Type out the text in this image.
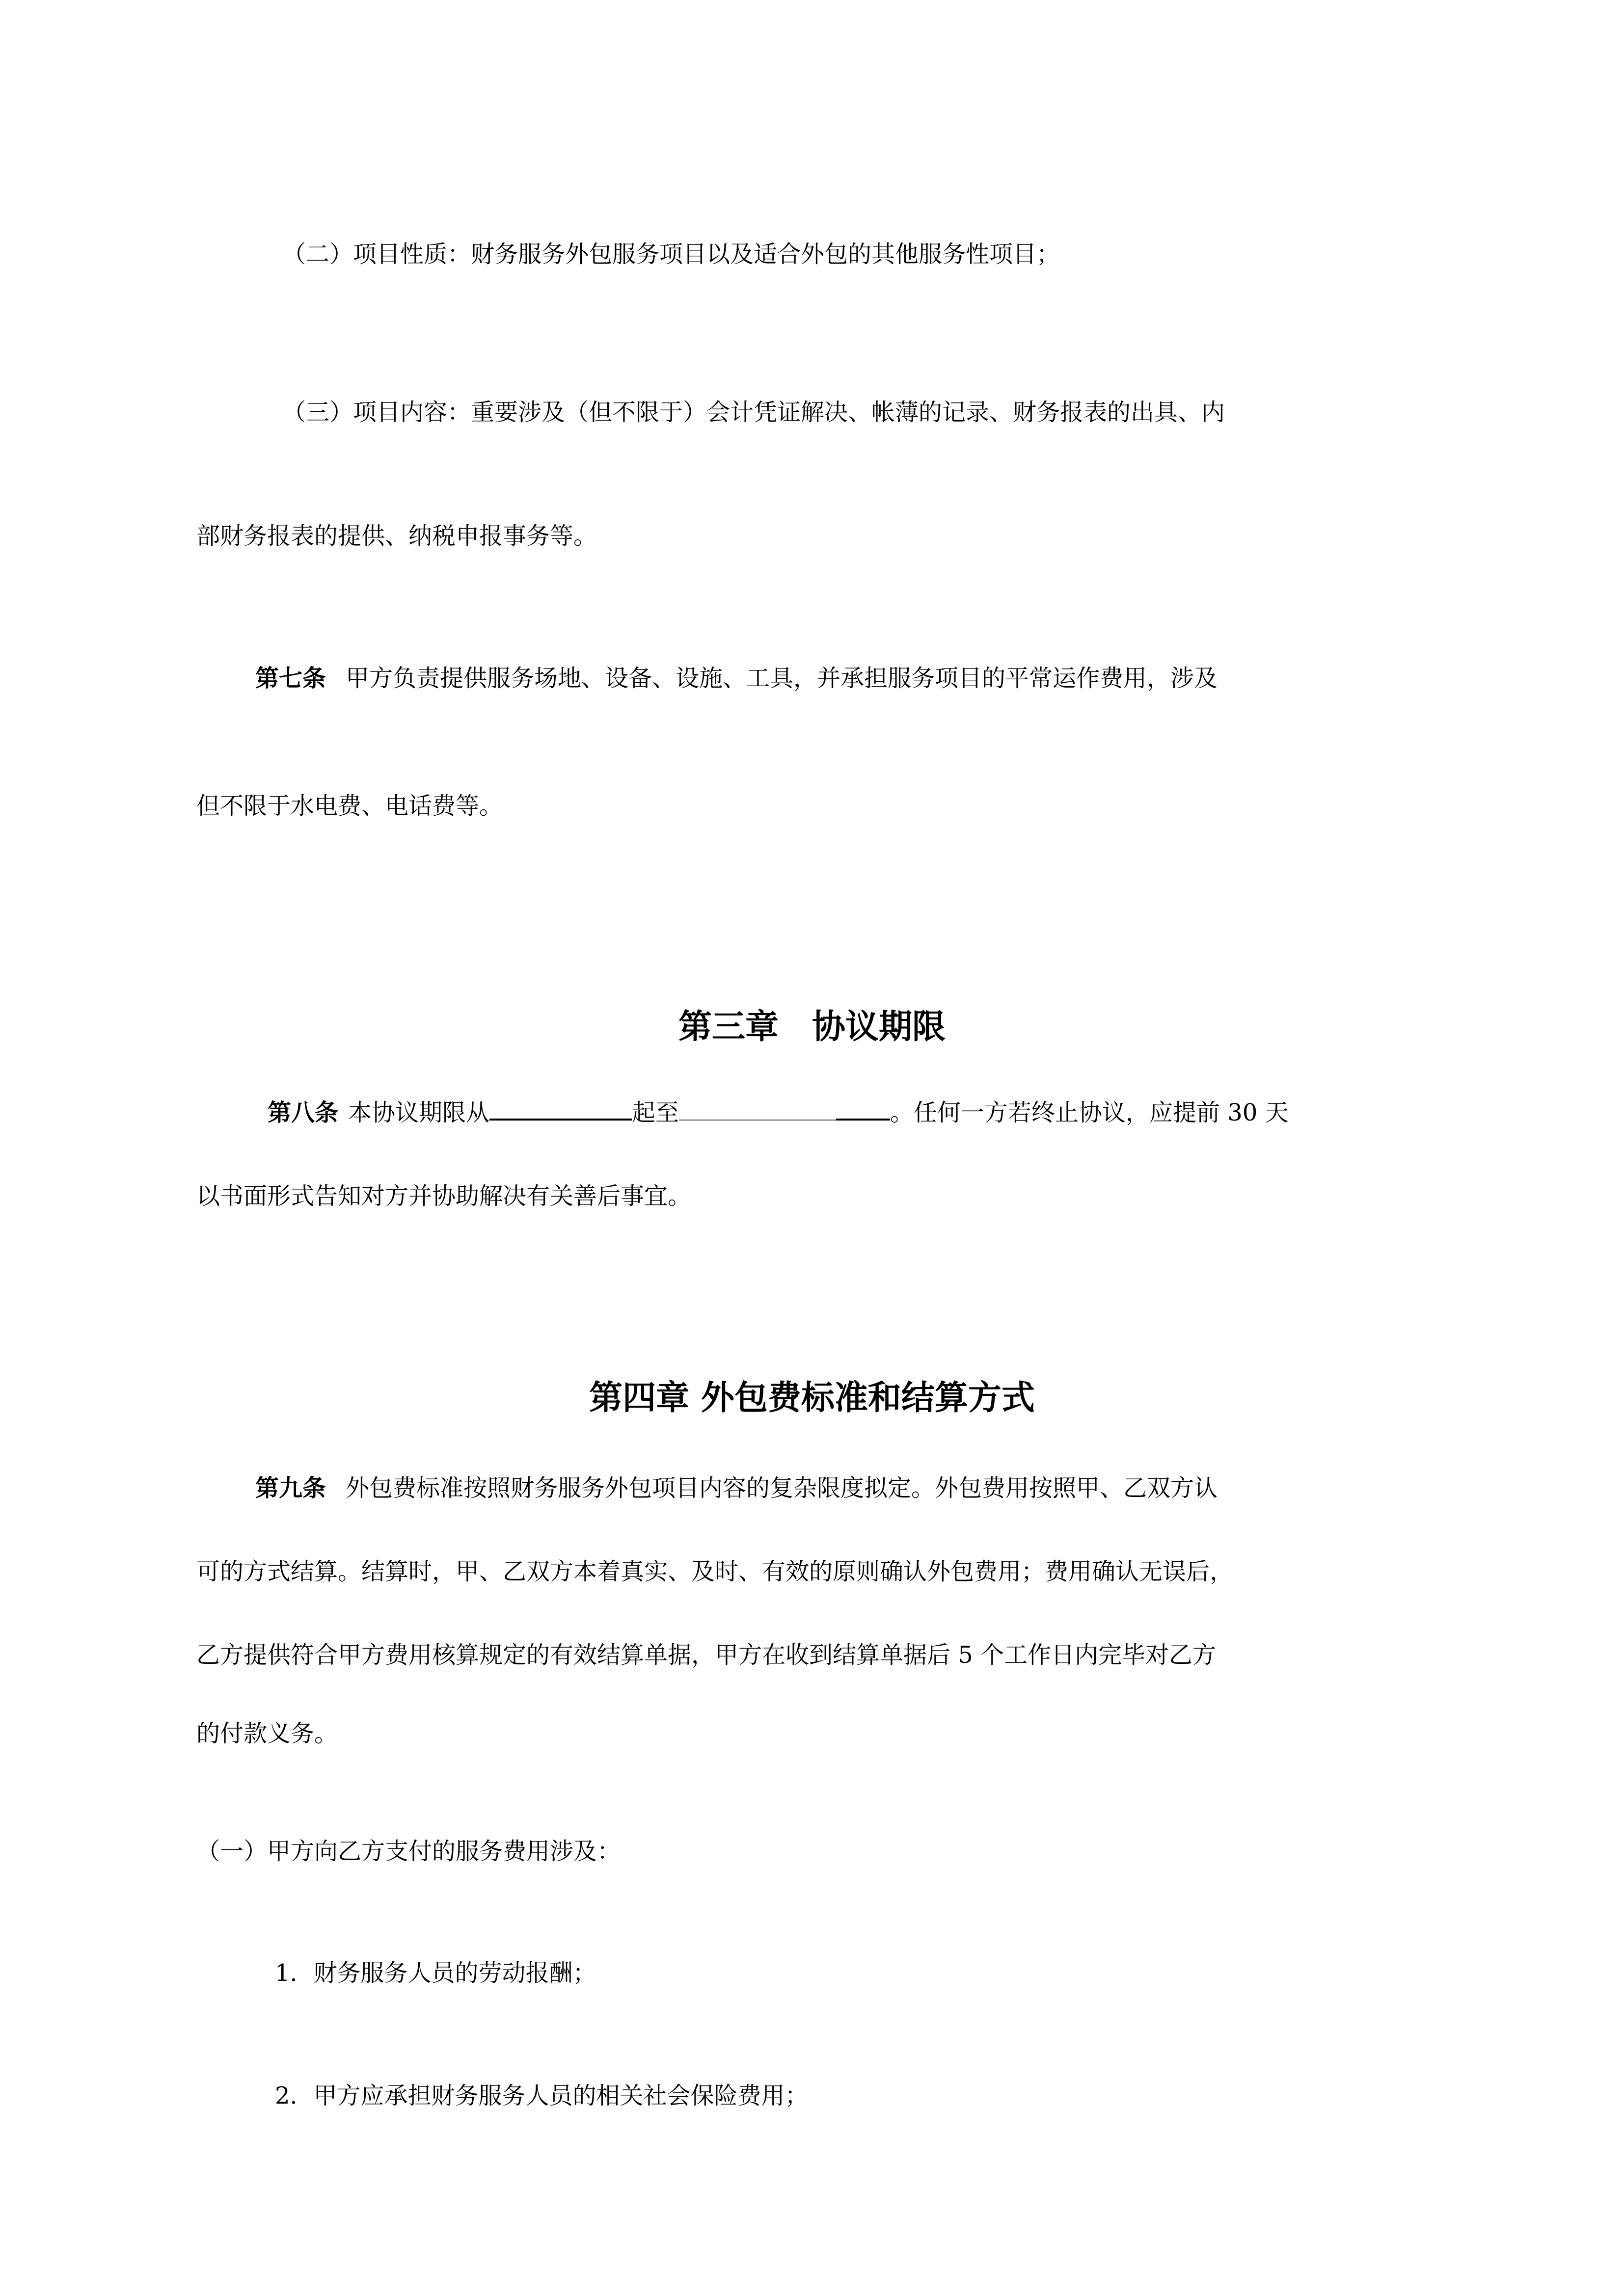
（二）项目性质：财务服务外包服务项目以及适合外包的其他服务性项目；
（三）项目内容：重要涉及（但不限于）会计凭证解决、帐薄的记录、财务报表的出具、内
部财务报表的提供、纳税申报事务等。
第七条 甲方负责提供服务场地、设备、设施、工具，并承担服务项目的平常运作费用，涉及
但不限于水电费、电话费等。
第三章 协议期限
第八条 本协议期限从	起至	。任何一方若终止协议，应提前 30 天
以书面形式告知对方并协助解决有关善后事宜。
第四章 外包费标准和结算方式
第九条 外包费标准按照财务服务外包项目内容的复杂限度拟定。外包费用按照甲、乙双方认
可的方式结算。结算时，甲、乙双方本着真实、及时、有效的原则确认外包费用；费用确认无误后，
乙方提供符合甲方费用核算规定的有效结算单据，甲方在收到结算单据后 5 个工作日内完毕对乙方
的付款义务。
（一）甲方向乙方支付的服务费用涉及：
1．财务服务人员的劳动报酬；
2．甲方应承担财务服务人员的相关社会保险费用；
